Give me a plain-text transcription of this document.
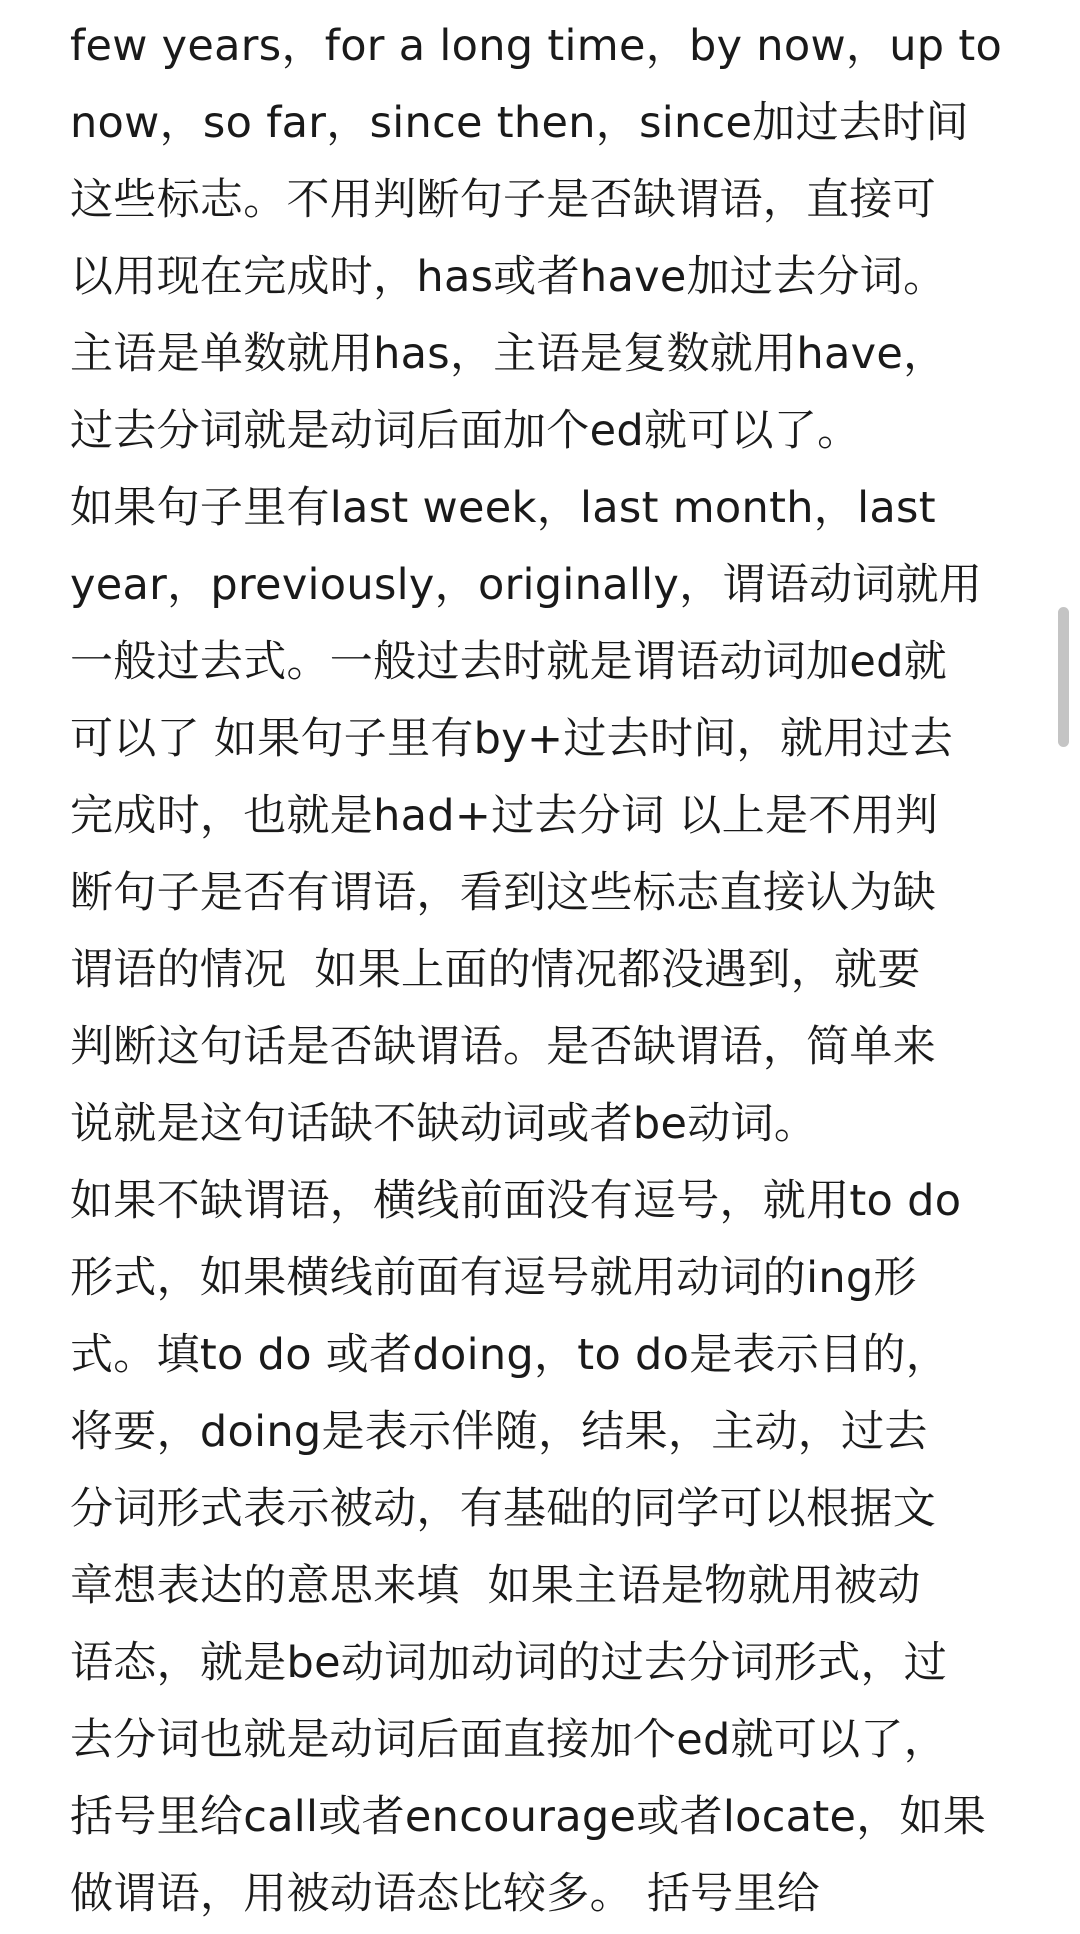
few years，for a long time，by now，up to
now，so far，since then，since加过去时间
这些标志。不用判断句子是否缺谓语，直接可
以用现在完成时，has或者have加过去分词。
主语是单数就用has，主语是复数就用have，
过去分词就是动词后面加个ed就可以了。
如果句子里有last week，last month，last
year，previously，originally，谓语动词就用
一般过去式。一般过去时就是谓语动词加ed就
可以了 如果句子里有by+过去时间，就用过去
完成时，也就是had+过去分词 以上是不用判
断句子是否有谓语，看到这些标志直接认为缺
谓语的情况  如果上面的情况都没遇到，就要
判断这句话是否缺谓语。是否缺谓语，简单来
说就是这句话缺不缺动词或者be动词。
如果不缺谓语，横线前面没有逗号，就用to do
形式，如果横线前面有逗号就用动词的ing形
式。填to do 或者doing，to do是表示目的，
将要，doing是表示伴随，结果，主动，过去
分词形式表示被动，有基础的同学可以根据文
章想表达的意思来填  如果主语是物就用被动
语态，就是be动词加动词的过去分词形式，过
去分词也就是动词后面直接加个ed就可以了，
括号里给call或者encourage或者locate，如果
做谓语，用被动语态比较多。 括号里给
